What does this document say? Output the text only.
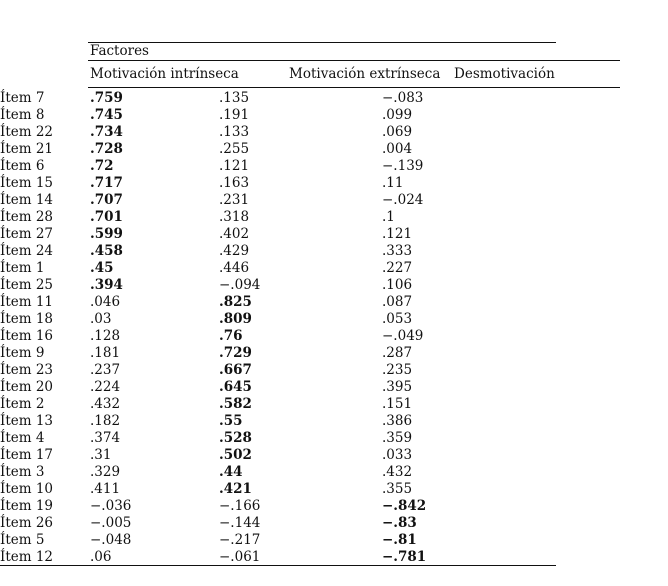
Factores
Motivación intrínseca	Motivación extrínseca Desmotivación
Ítem 7	.759	.135	−.083
Ítem 8	.745	.191	.099
Ítem 22	.734	.133	.069
Ítem 21	.728	.255	.004
Ítem 6	.72	.121	−.139
Ítem 15	.717	.163	.11
Ítem 14	.707	.231	−.024
Ítem 28	.701	.318	.1
Ítem 27	.599	.402	.121
Ítem 24	.458	.429	.333
Ítem 1	.45	.446	.227
Ítem 25	.394	−.094	.106
Ítem 11	.046	.825	.087
Ítem 18	.03	.809	.053
Ítem 16	.128	.76	−.049
Ítem 9	.181	.729	.287
Ítem 23	.237	.667	.235
Ítem 20	.224	.645	.395
Ítem 2	.432	.582	.151
Ítem 13	.182	.55	.386
Ítem 4	.374	.528	.359
Ítem 17	.31	.502	.033
Ítem 3	.329	.44	.432
Ítem 10	.411	.421	.355
Ítem 19	−.036	−.166	−.842
Ítem 26	−.005	−.144	−.83
Ítem 5	−.048	−.217	−.81
Ítem 12	.06	−.061	−.781
